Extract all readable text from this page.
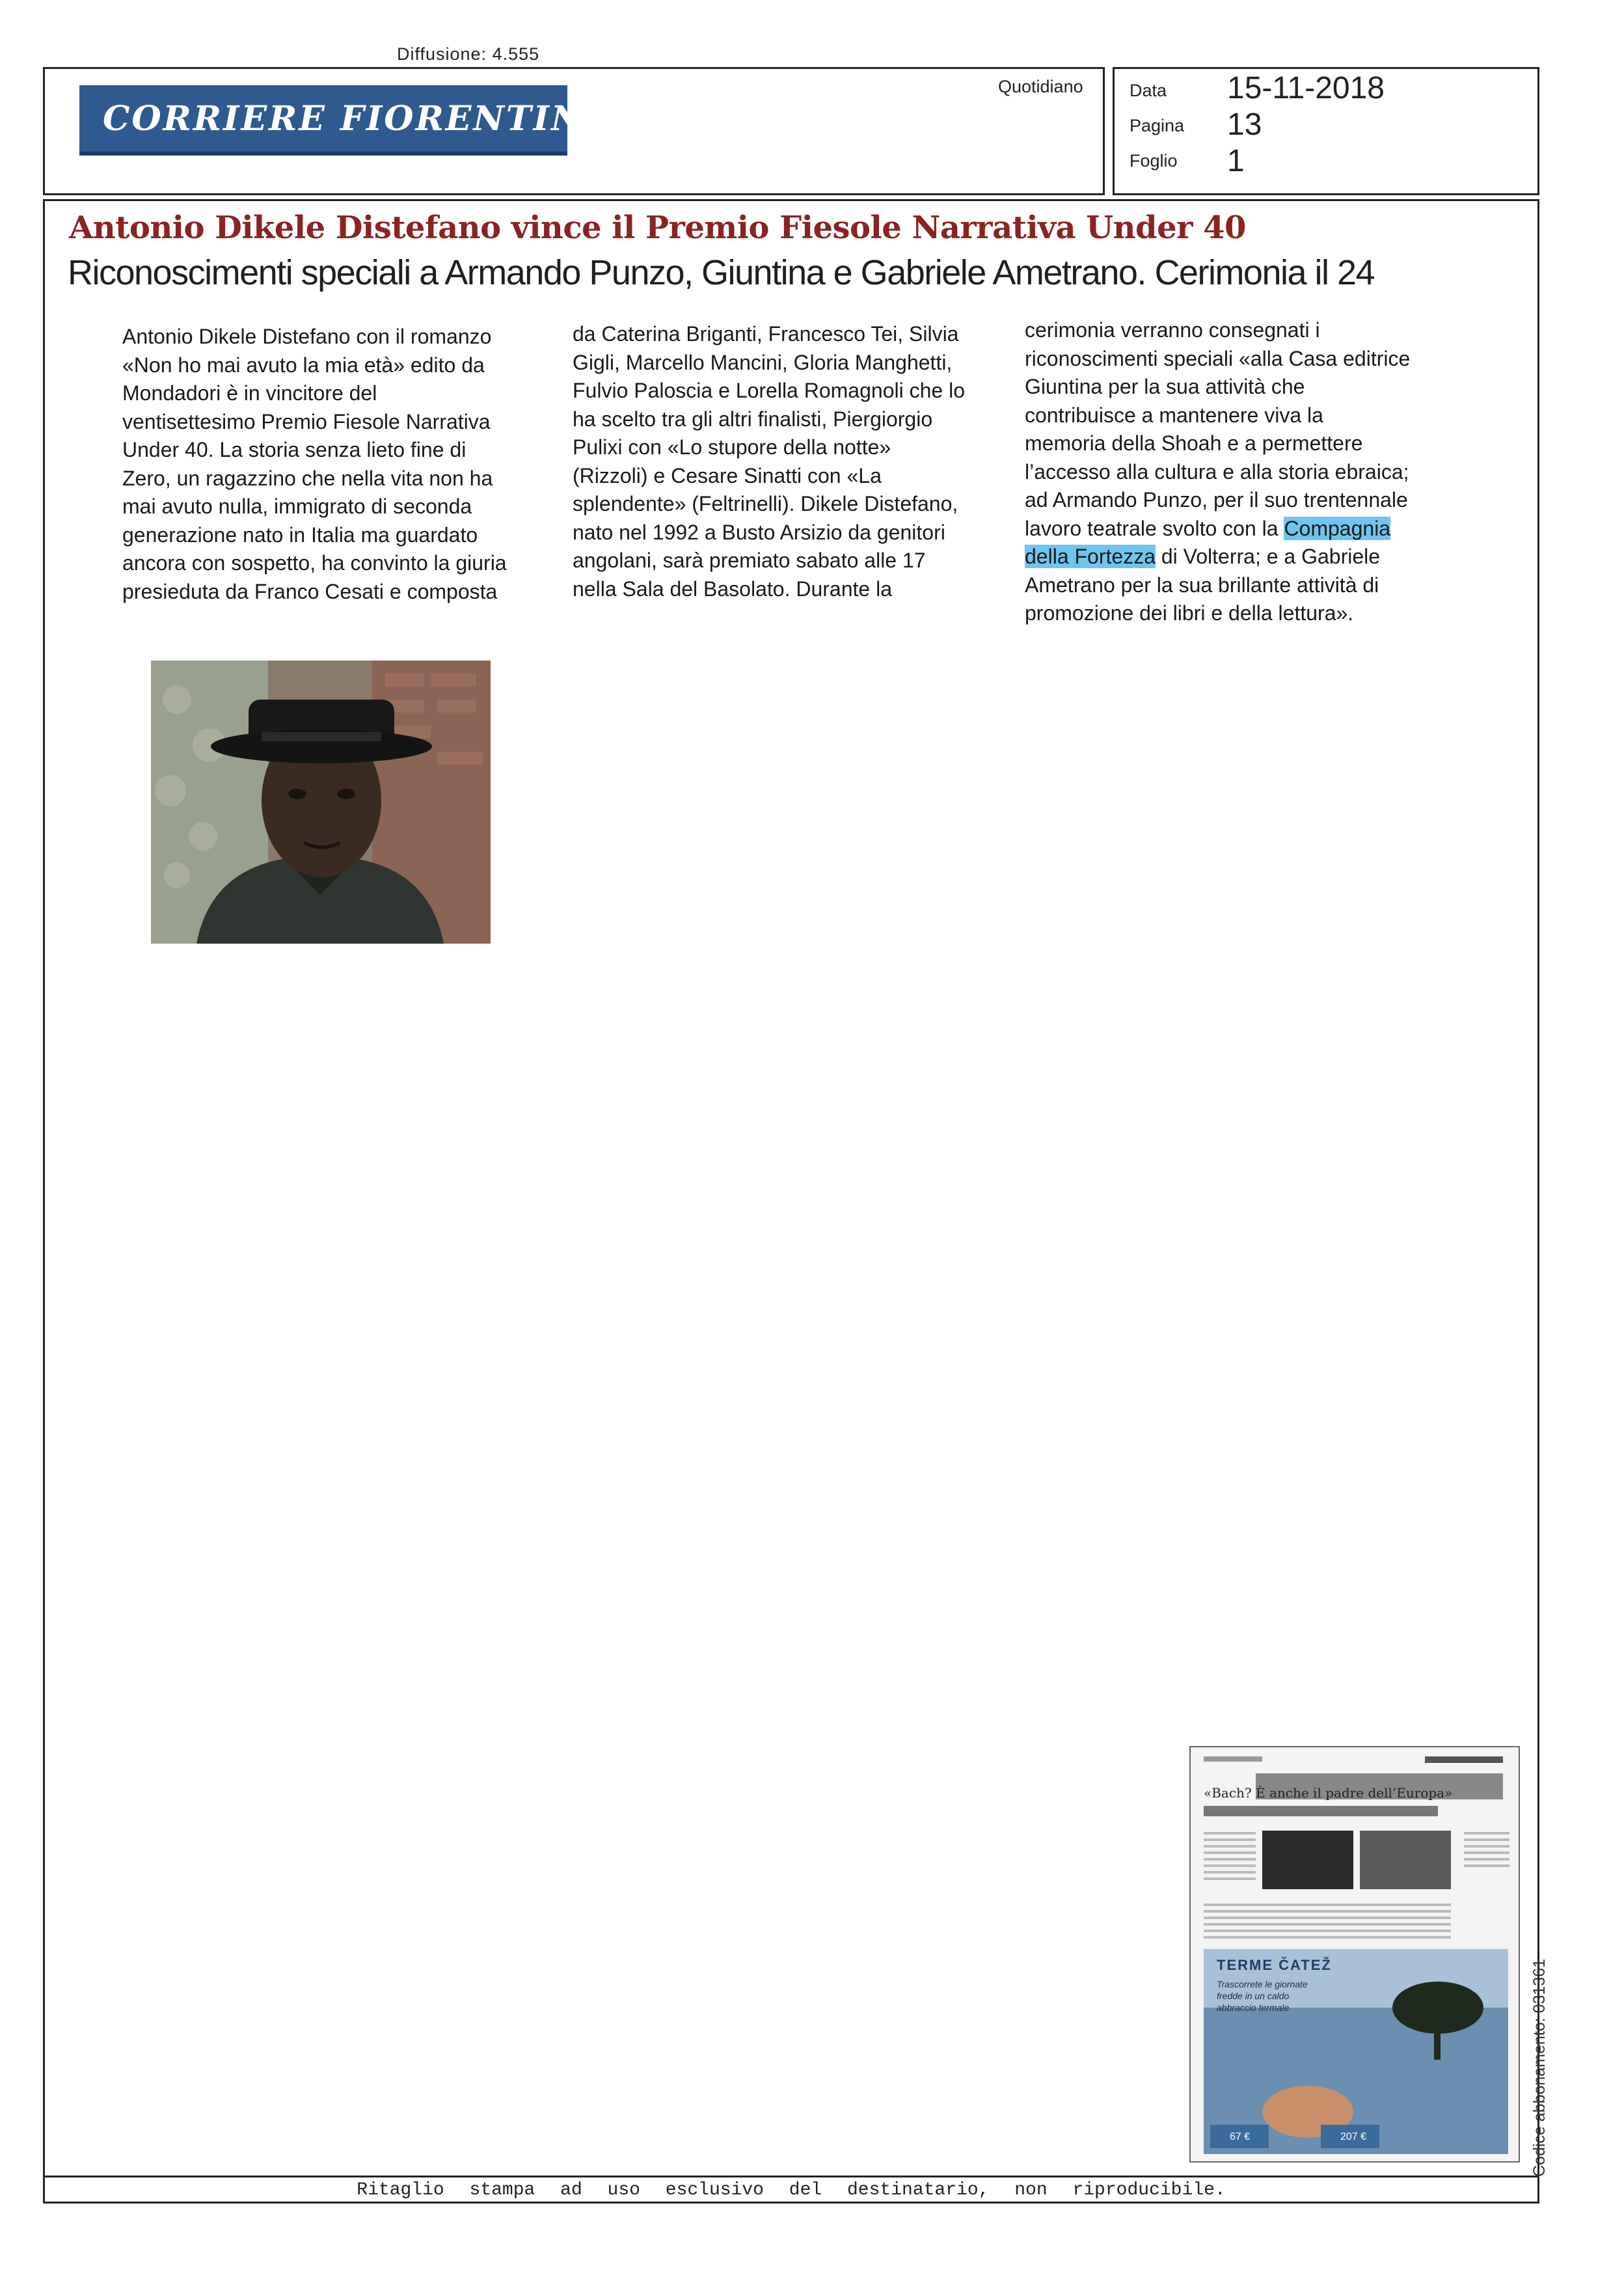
Diffusione: 4.555
CORRIERE FIORENTINO
Quotidiano	Data 15-11-2018
Pagina 13
Foglio 1
Antonio Dikele Distefano vince il Premio Fiesole Narrativa Under 40
Riconoscimenti speciali a Armando Punzo, Giuntina e Gabriele Ametrano. Cerimonia il 24
Antonio Dikele Distefano con il romanzo
«Non ho mai avuto la mia età» edito da
Mondadori è in vincitore del
ventisettesimo Premio Fiesole Narrativa
Under 40. La storia senza lieto fine di
Zero, un ragazzino che nella vita non ha
mai avuto nulla, immigrato di seconda
generazione nato in Italia ma guardato
ancora con sospetto, ha convinto la giuria
presieduta da Franco Cesati e composta
da Caterina Briganti, Francesco Tei, Silvia
Gigli, Marcello Mancini, Gloria Manghetti,
Fulvio Paloscia e Lorella Romagnoli che lo
ha scelto tra gli altri finalisti, Piergiorgio
Pulixi con «Lo stupore della notte»
(Rizzoli) e Cesare Sinatti con «La
splendente» (Feltrinelli). Dikele Distefano,
nato nel 1992 a Busto Arsizio da genitori
angolani, sarà premiato sabato alle 17
nella Sala del Basolato. Durante la
cerimonia verranno consegnati i
riconoscimenti speciali «alla Casa editrice
Giuntina per la sua attività che
contribuisce a mantenere viva la
memoria della Shoah e a permettere
l’accesso alla cultura e alla storia ebraica;
ad Armando Punzo, per il suo trentennale
lavoro teatrale svolto con la Compagnia
della Fortezza di Volterra; e a Gabriele
Ametrano per la sua brillante attività di
promozione dei libri e della lettura».
«Bach? È anche il padre dell’Europa»
TERME ČATEŽ
Trascorrete le giornate
fredde in un caldo
abbraccio termale
67 €	207 €	Codice abbonamento: 031361
Ritaglio stampa ad uso esclusivo del destinatario, non riproducibile.
